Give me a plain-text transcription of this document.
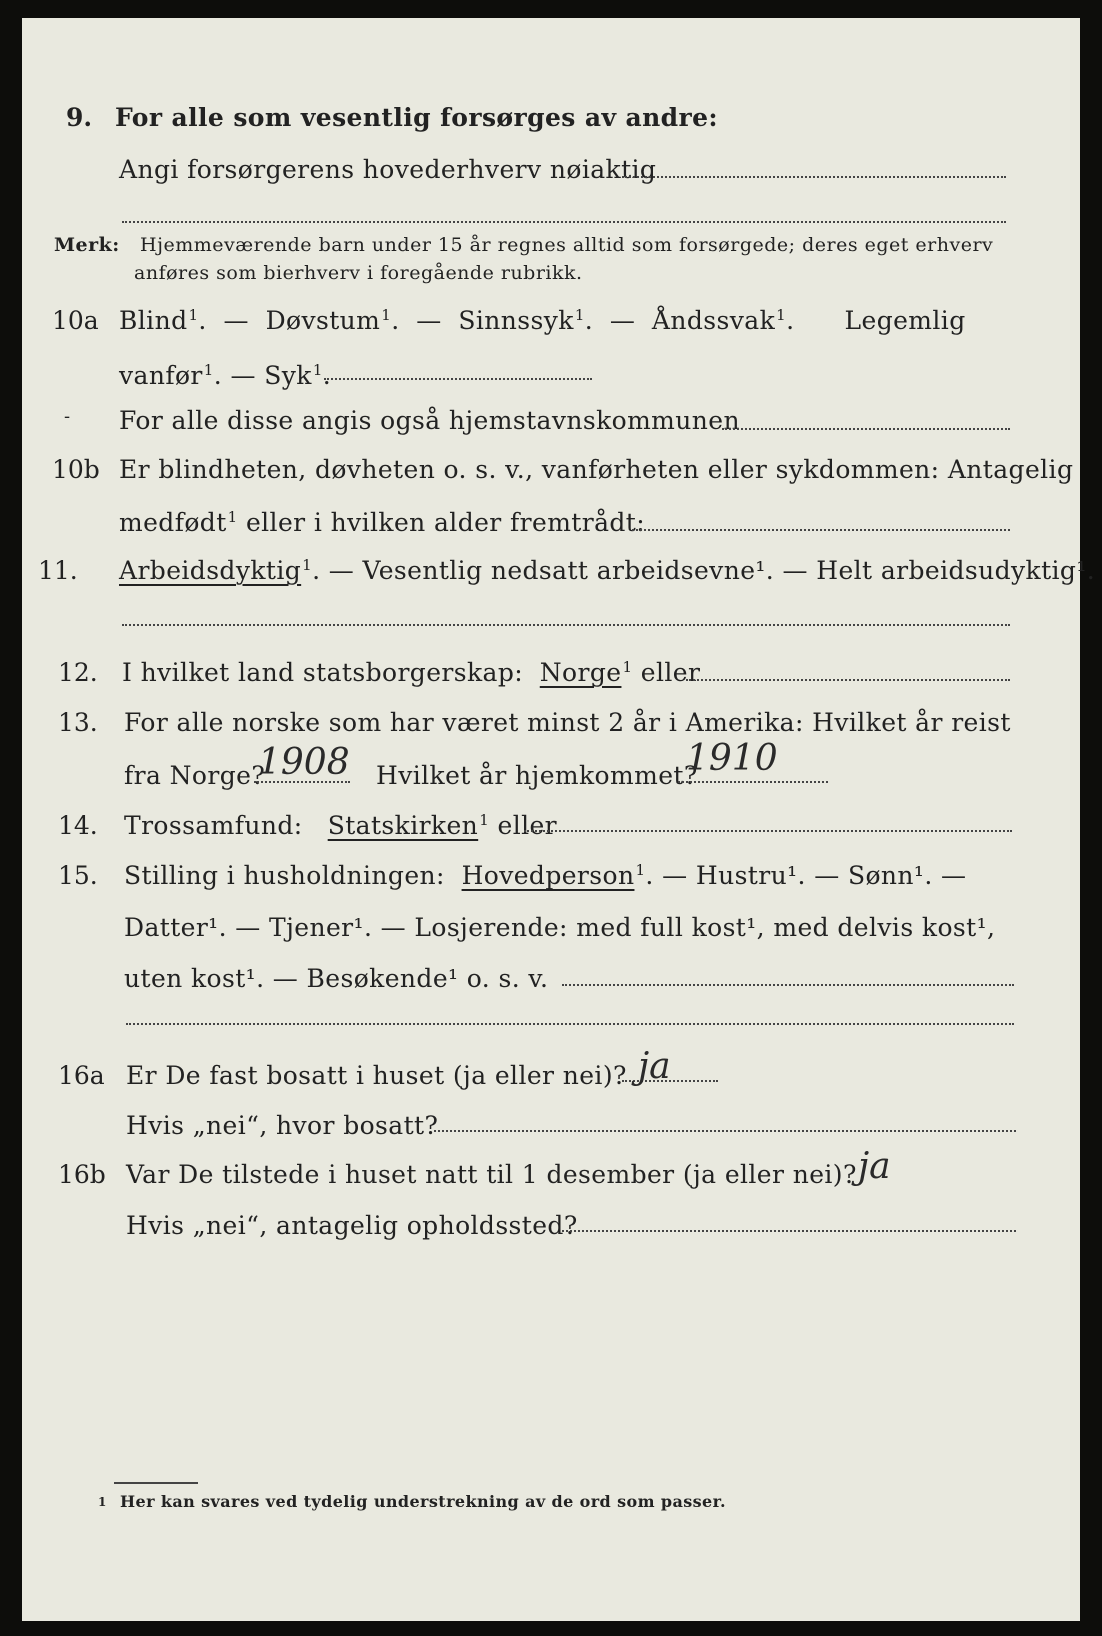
9. For alle som vesentlig forsørges av andre:
Angi forsørgerens hovederhverv nøiaktig
Merk: Hjemmeværende barn under 15 år regnes alltid som forsørgede; deres eget erhverv
anføres som bierhverv i foregående rubrikk.
10a Blind$^1$.  —  Døvstum$^1$.  —  Sinnssyk$^1$.  —  Åndssvak$^1$.      Legemlig
vanfør$^1$. — Syk$^1$.
- For alle disse angis også hjemstavnskommunen
10b Er blindheten, døvheten o. s. v., vanførheten eller sykdommen: Antagelig
medfødt$^1$ eller i hvilken alder fremtrådt:
11. Arbeidsdyktig$^1$. — Vesentlig nedsatt arbeidsevne¹. — Helt arbeidsudyktig¹.
12. I hvilket land statsborgerskap: Norge$^1$ eller
13. For alle norske som har været minst 2 år i Amerika: Hvilket år reist
fra Norge?
1908 Hvilket år hjemkommet?
1910
14. Trossamfund: Statskirken$^1$ eller
15. Stilling i husholdningen: Hovedperson$^1$. — Hustru¹. — Sønn¹. —
Datter¹. — Tjener¹. — Losjerende: med full kost¹, med delvis kost¹,
uten kost¹. — Besøkende¹ o. s. v.
16a Er De fast bosatt i huset (ja eller nei)? ja
Hvis „nei“, hvor bosatt?
16b Var De tilstede i huset natt til 1 desember (ja eller nei)? ja
Hvis „nei“, antagelig opholdssted?
1 Her kan svares ved tydelig understrekning av de ord som passer.
